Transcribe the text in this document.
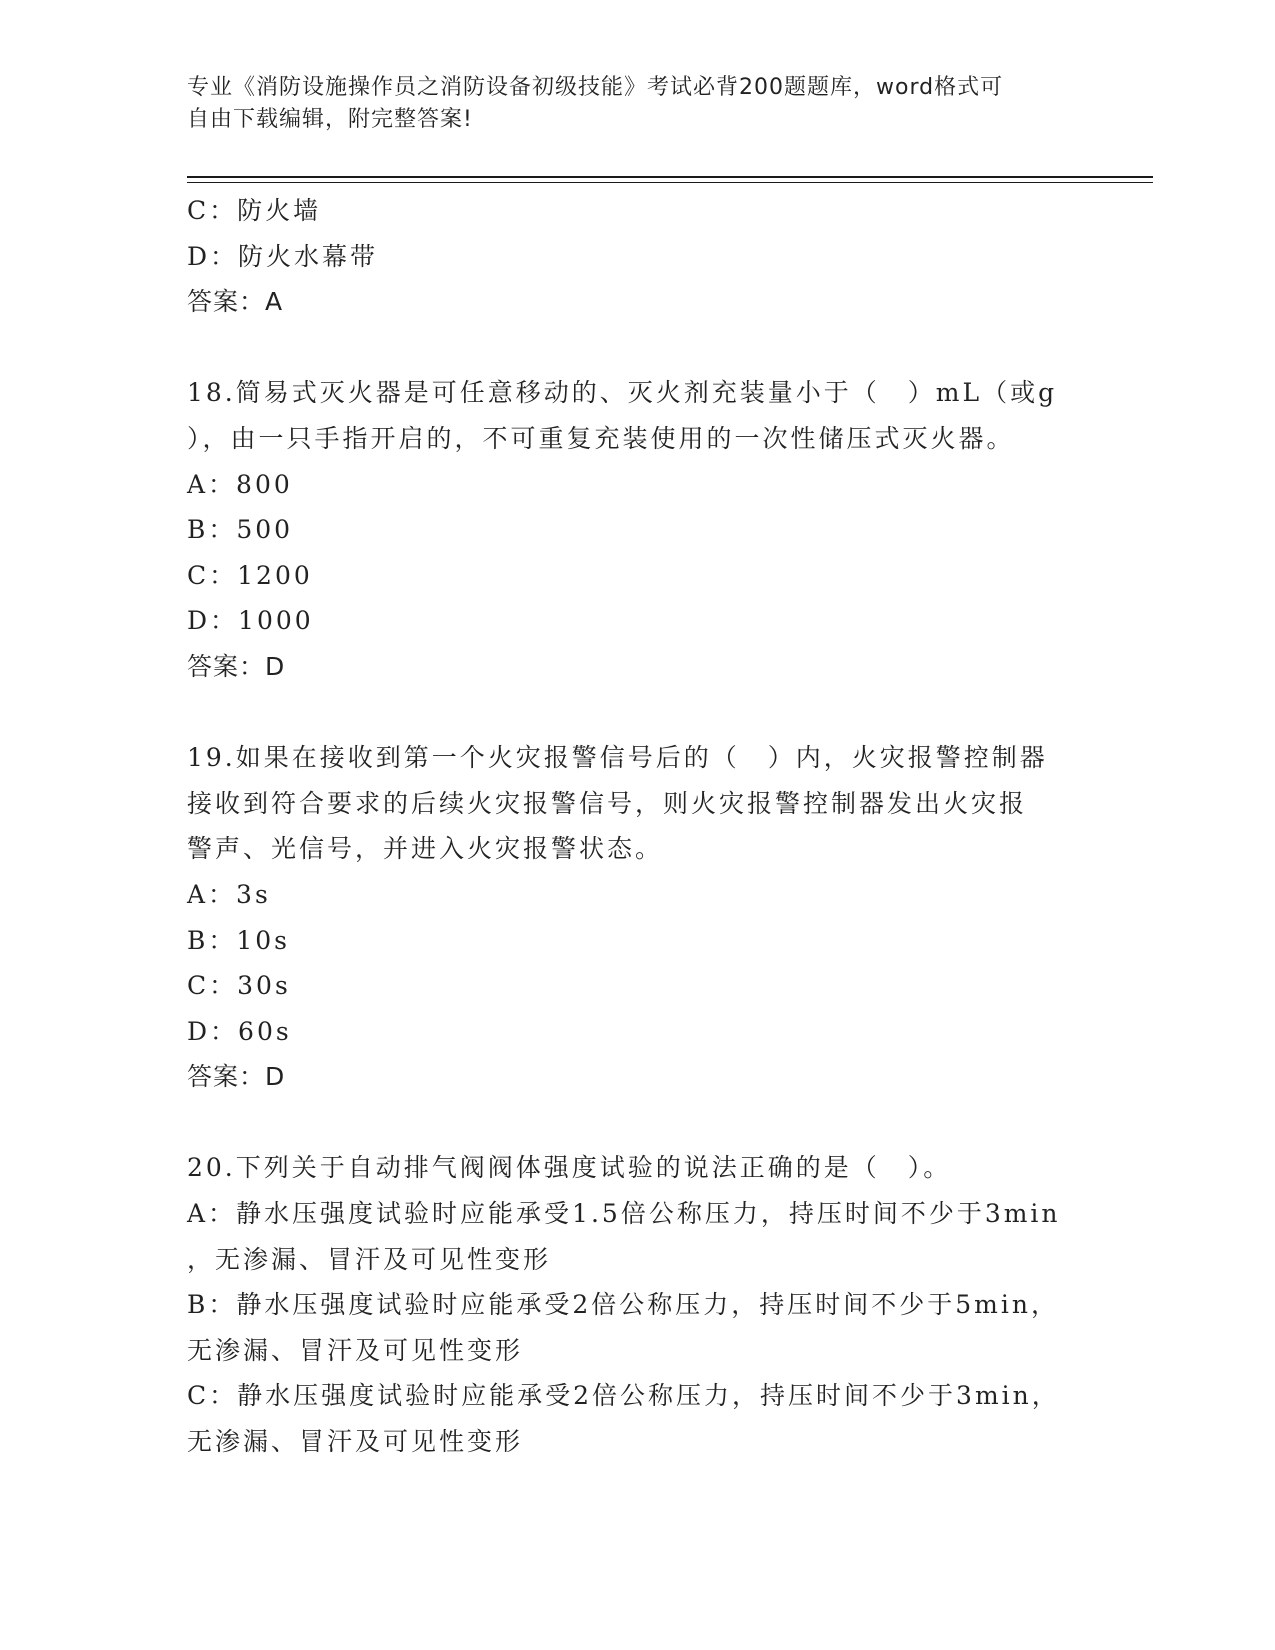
专业《消防设施操作员之消防设备初级技能》考试必背200题题库，word格式可
自由下载编辑，附完整答案!
C：防火墙
D：防火水幕带
答案：A
18.简易式灭火器是可任意移动的、灭火剂充装量小于（　）mL（或g
），由一只手指开启的，不可重复充装使用的一次性储压式灭火器。
A：800
B：500
C：1200
D：1000
答案：D
19.如果在接收到第一个火灾报警信号后的（　）内，火灾报警控制器
接收到符合要求的后续火灾报警信号，则火灾报警控制器发出火灾报
警声、光信号，并进入火灾报警状态。
A：3s
B：10s
C：30s
D：60s
答案：D
20.下列关于自动排气阀阀体强度试验的说法正确的是（　）。
A：静水压强度试验时应能承受1.5倍公称压力，持压时间不少于3min
，无渗漏、冒汗及可见性变形
B：静水压强度试验时应能承受2倍公称压力，持压时间不少于5min，
无渗漏、冒汗及可见性变形
C：静水压强度试验时应能承受2倍公称压力，持压时间不少于3min，
无渗漏、冒汗及可见性变形
